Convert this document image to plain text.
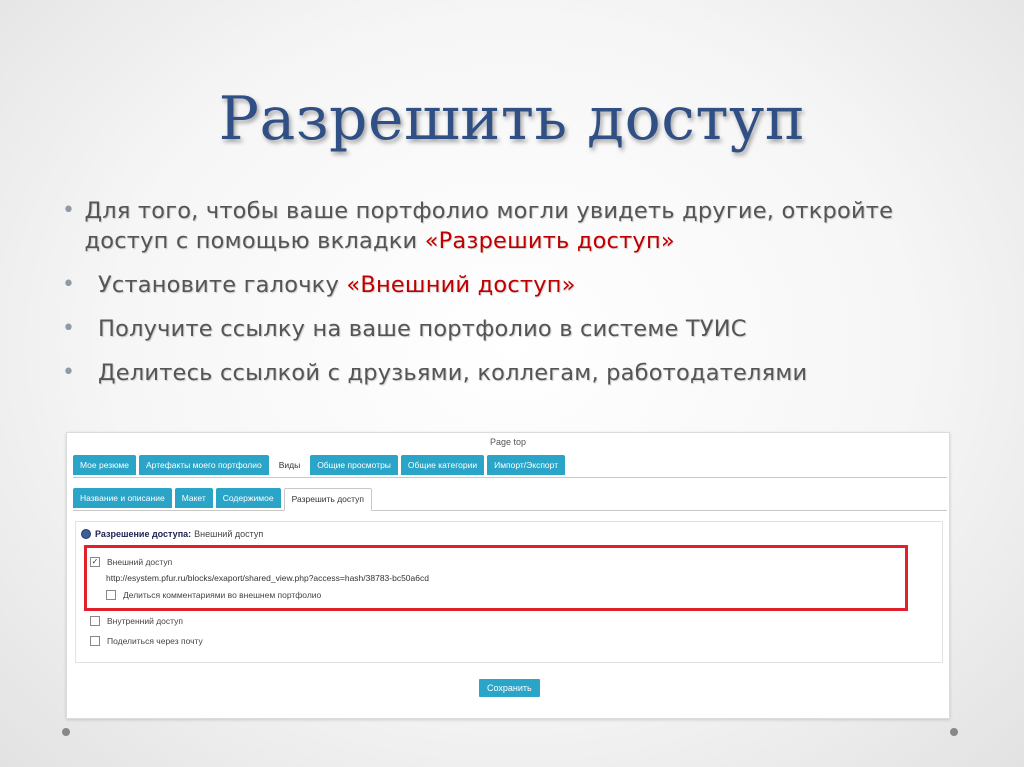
Разрешить доступ
• Для того, чтобы ваше портфолио могли увидеть другие, откройте доступ с помощью вкладки «Разрешить доступ»
•	Установите галочку «Внешний доступ»
•	Получите ссылку на ваше портфолио в системе ТУИС
•	Делитесь ссылкой с друзьями, коллегам, работодателями
Page top
Мое резюме	Артефакты моего портфолио	Виды	Общие просмотры	Общие категории	Импорт/Экспорт
Название и описание	Макет	Содержимое	Разрешить доступ
Разрешение доступа: Внешний доступ
✓ Внешний доступ
http://esystem.pfur.ru/blocks/exaport/shared_view.php?access=hash/38783-bc50a6cd
Делиться комментариями во внешнем портфолио
Внутренний доступ
Поделиться через почту
Сохранить
